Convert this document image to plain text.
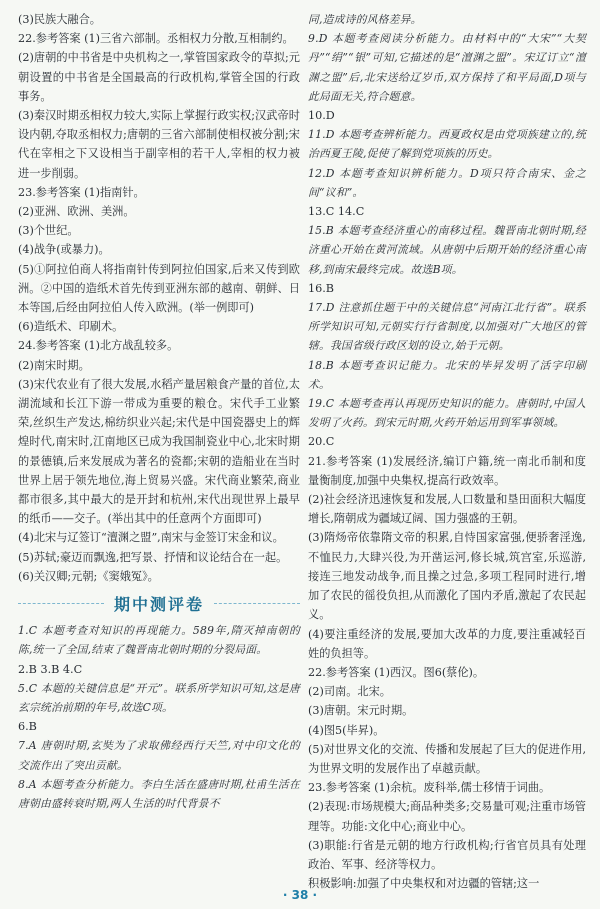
(3)民族大融合。

22.参考答案 (1)三省六部制。丞相权力分散,互相制约。

(2)唐朝的中书省是中央机构之一,掌管国家政令的草拟;元朝设置的中书省是全国最高的行政机构,掌管全国的行政事务。

(3)秦汉时期丞相权力较大,实际上掌握行政实权;汉武帝时设内朝,夺取丞相权力;唐朝的三省六部制使相权被分割;宋代在宰相之下又设相当于副宰相的若干人,宰相的权力被进一步削弱。

23.参考答案 (1)指南针。

(2)亚洲、欧洲、美洲。

(3)个世纪。

(4)战争(或暴力)。

(5)①阿拉伯商人将指南针传到阿拉伯国家,后来又传到欧洲。②中国的造纸术首先传到亚洲东部的越南、朝鲜、日本等国,后经由阿拉伯人传入欧洲。(举一例即可)

(6)造纸术、印刷术。

24.参考答案 (1)北方战乱较多。

(2)南宋时期。

(3)宋代农业有了很大发展,水稻产量居粮食产量的首位,太湖流域和长江下游一带成为重要的粮仓。宋代手工业繁荣,丝织生产发达,棉纺织业兴起;宋代是中国瓷器史上的辉煌时代,南宋时,江南地区已成为我国制瓷业中心,北宋时期的景德镇,后来发展成为著名的瓷都;宋朝的造船业在当时世界上居于领先地位,海上贸易兴盛。宋代商业繁荣,商业都市很多,其中最大的是开封和杭州,宋代出现世界上最早的纸币——交子。(举出其中的任意两个方面即可)

(4)北宋与辽签订“澶渊之盟”,南宋与金签订宋金和议。

(5)苏轼;豪迈而飘逸,把写景、抒情和议论结合在一起。

(6)关汉卿;元朝;《窦娥冤》。

期中测评卷

1.C 本题考查对知识的再现能力。589年,隋灭掉南朝的陈,统一了全国,结束了魏晋南北朝时期的分裂局面。

2.B 3.B 4.C

5.C 本题的关键信息是“开元”。联系所学知识可知,这是唐玄宗统治前期的年号,故选C项。

6.B

7.A 唐朝时期,玄奘为了求取佛经西行天竺,对中印文化的交流作出了突出贡献。

8.A 本题考查分析能力。李白生活在盛唐时期,杜甫生活在唐朝由盛转衰时期,两人生活的时代背景不

同,造成诗的风格差异。

9.D 本题考查阅读分析能力。由材料中的“大宋”“大契丹”“绢”“银”可知,它描述的是“澶渊之盟”。宋辽订立“澶渊之盟”后,北宋送给辽岁币,双方保持了和平局面,D项与此局面无关,符合题意。

10.D

11.D 本题考查辨析能力。西夏政权是由党项族建立的,统治西夏王陵,促使了解到党项族的历史。

12.D 本题考查知识辨析能力。D项只符合南宋、金之间“议和”。

13.C 14.C

15.B 本题考查经济重心的南移过程。魏晋南北朝时期,经济重心开始在黄河流域。从唐朝中后期开始的经济重心南移,到南宋最终完成。故选B项。

16.B

17.D 注意抓住题干中的关键信息“河南江北行省”。联系所学知识可知,元朝实行行省制度,以加强对广大地区的管辖。我国省级行政区划的设立,始于元朝。

18.B 本题考查识记能力。北宋的毕昇发明了活字印刷术。

19.C 本题考查再认再现历史知识的能力。唐朝时,中国人发明了火药。到宋元时期,火药开始运用到军事领域。

20.C

21.参考答案 (1)发展经济,编订户籍,统一南北币制和度量衡制度,加强中央集权,提高行政效率。

(2)社会经济迅速恢复和发展,人口数量和垦田面积大幅度增长,隋朝成为疆域辽阔、国力强盛的王朝。

(3)隋炀帝依靠隋文帝的积累,自恃国家富强,便骄奢淫逸,不恤民力,大肆兴役,为开凿运河,修长城,筑宫室,乐巡游,接连三地发动战争,而且操之过急,多项工程同时进行,增加了农民的徭役负担,从而激化了国内矛盾,激起了农民起义。

(4)要注重经济的发展,要加大改革的力度,要注重减轻百姓的负担等。

22.参考答案 (1)西汉。图6(蔡伦)。

(2)司南。北宋。

(3)唐朝。宋元时期。

(4)图5(毕昇)。

(5)对世界文化的交流、传播和发展起了巨大的促进作用,为世界文明的发展作出了卓越贡献。

23.参考答案 (1)余杭。废科举,儒士移情于词曲。

(2)表现:市场规模大;商品种类多;交易量可观;注重市场管理等。功能:文化中心;商业中心。

(3)职能:行省是元朝的地方行政机构;行省官员具有处理政治、军事、经济等权力。

积极影响:加强了中央集权和对边疆的管辖;这一

· 38 ·
